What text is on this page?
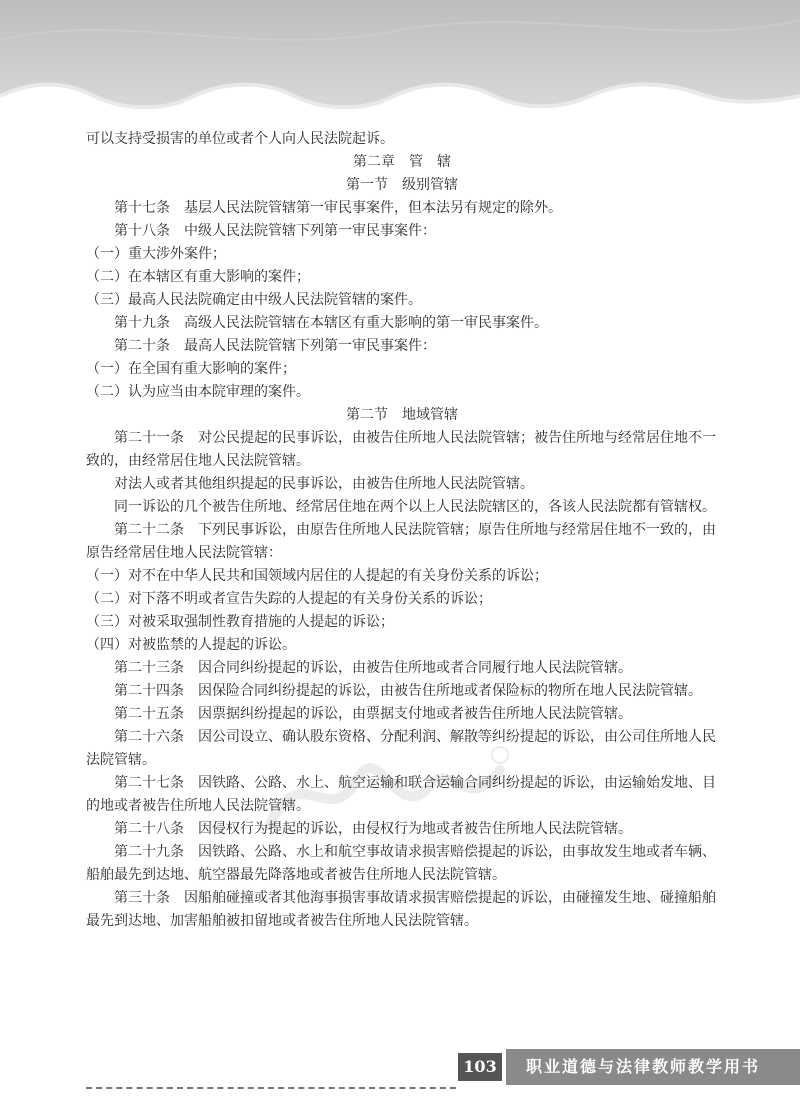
可以支持受损害的单位或者个人向人民法院起诉。

第二章　管　辖

第一节　级别管辖

第十七条　基层人民法院管辖第一审民事案件，但本法另有规定的除外。

第十八条　中级人民法院管辖下列第一审民事案件：

（一）重大涉外案件；

（二）在本辖区有重大影响的案件；

（三）最高人民法院确定由中级人民法院管辖的案件。

第十九条　高级人民法院管辖在本辖区有重大影响的第一审民事案件。

第二十条　最高人民法院管辖下列第一审民事案件：

（一）在全国有重大影响的案件；

（二）认为应当由本院审理的案件。

第二节　地域管辖

第二十一条　对公民提起的民事诉讼，由被告住所地人民法院管辖；被告住所地与经常居住地不一致的，由经常居住地人民法院管辖。

对法人或者其他组织提起的民事诉讼，由被告住所地人民法院管辖。

同一诉讼的几个被告住所地、经常居住地在两个以上人民法院辖区的，各该人民法院都有管辖权。

第二十二条　下列民事诉讼，由原告住所地人民法院管辖；原告住所地与经常居住地不一致的，由原告经常居住地人民法院管辖：

（一）对不在中华人民共和国领域内居住的人提起的有关身份关系的诉讼；

（二）对下落不明或者宣告失踪的人提起的有关身份关系的诉讼；

（三）对被采取强制性教育措施的人提起的诉讼；

（四）对被监禁的人提起的诉讼。

第二十三条　因合同纠纷提起的诉讼，由被告住所地或者合同履行地人民法院管辖。

第二十四条　因保险合同纠纷提起的诉讼，由被告住所地或者保险标的物所在地人民法院管辖。

第二十五条　因票据纠纷提起的诉讼，由票据支付地或者被告住所地人民法院管辖。

第二十六条　因公司设立、确认股东资格、分配利润、解散等纠纷提起的诉讼，由公司住所地人民法院管辖。

第二十七条　因铁路、公路、水上、航空运输和联合运输合同纠纷提起的诉讼，由运输始发地、目的地或者被告住所地人民法院管辖。

第二十八条　因侵权行为提起的诉讼，由侵权行为地或者被告住所地人民法院管辖。

第二十九条　因铁路、公路、水上和航空事故请求损害赔偿提起的诉讼，由事故发生地或者车辆、船舶最先到达地、航空器最先降落地或者被告住所地人民法院管辖。

第三十条　因船舶碰撞或者其他海事损害事故请求损害赔偿提起的诉讼，由碰撞发生地、碰撞船舶最先到达地、加害船舶被扣留地或者被告住所地人民法院管辖。

103	职业道德与法律教师教学用书
